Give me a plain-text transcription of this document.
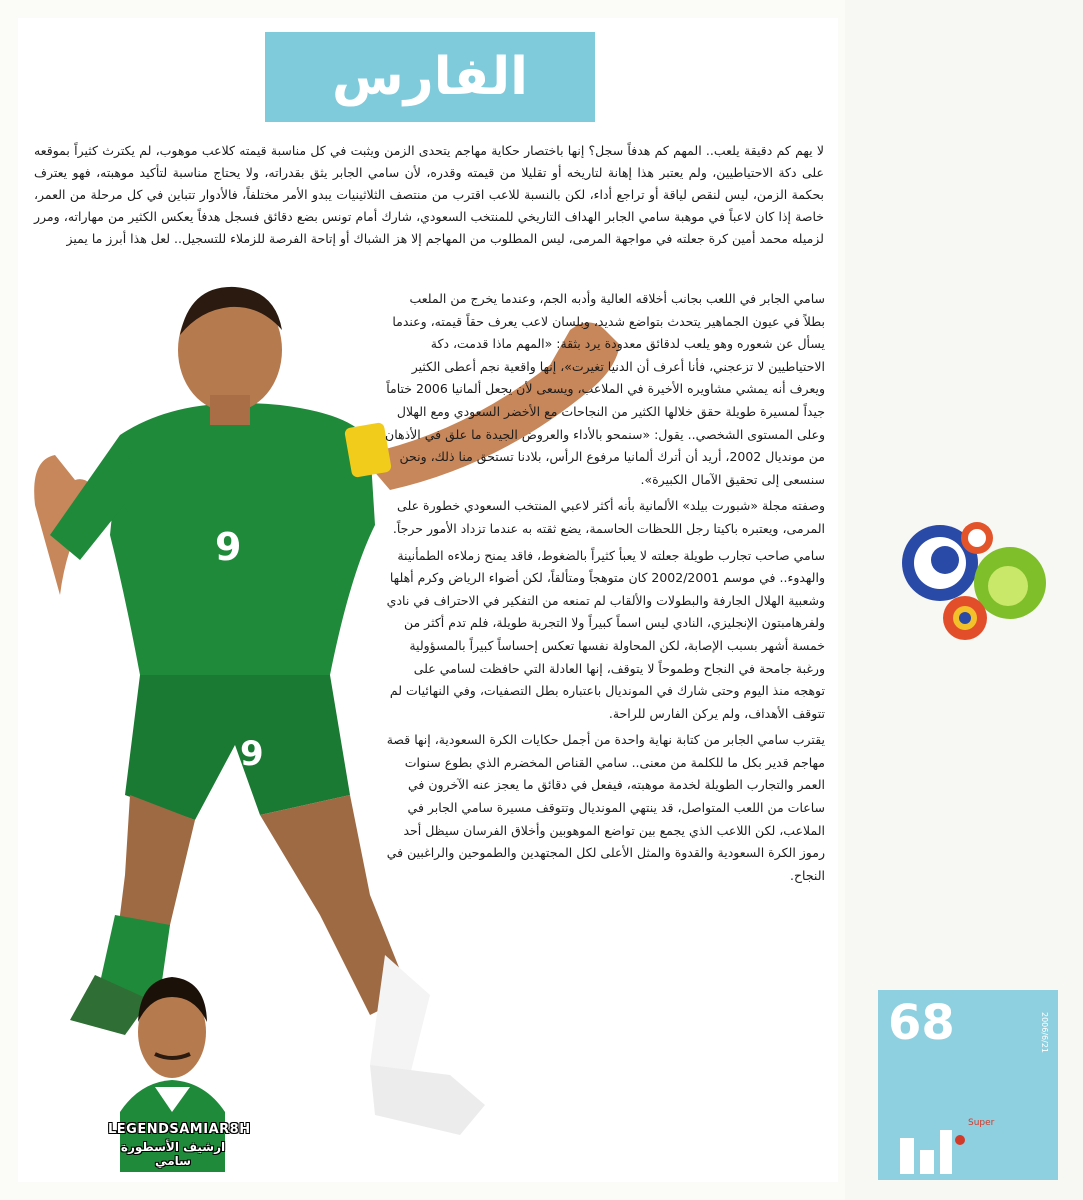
الفارس
لا يهم كم دقيقة يلعب.. المهم كم هدفاً سجل؟ إنها باختصار حكاية مهاجم يتحدى الزمن ويثبت في كل مناسبة قيمته كلاعب موهوب، لم يكترث كثيراً بموقعه على دكة الاحتياطيين، ولم يعتبر هذا إهانة لتاريخه أو تقليلا من قيمته وقدره، لأن سامي الجابر يثق بقدراته، ولا يحتاج مناسبة لتأكيد موهبته، فهو يعترف بحكمة الزمن، ليس لنقص لياقة أو تراجع أداء، لكن بالنسبة للاعب اقترب من منتصف الثلاثينيات يبدو الأمر مختلفاً، فالأدوار تتباين في كل مرحلة من العمر، خاصة إذا كان لاعباً في موهبة سامي الجابر الهداف التاريخي للمنتخب السعودي، شارك أمام تونس بضع دقائق فسجل هدفاً يعكس الكثير من مهاراته، ومرر لزميله محمد أمين كرة جعلته في مواجهة المرمى، ليس المطلوب من المهاجم إلا هز الشباك أو إتاحة الفرصة للزملاء للتسجيل.. لعل هذا أبرز ما يميز
9
9

سامي الجابر في اللعب بجانب أخلاقه العالية وأدبه الجم، وعندما يخرج من الملعب بطلاً في عيون الجماهير يتحدث بتواضع شديد، وبلسان لاعب يعرف حقاً قيمته، وعندما يسأل عن شعوره وهو يلعب لدقائق معدودة يرد بثقة: «المهم ماذا قدمت، دكة الاحتياطيين لا تزعجني، فأنا أعرف أن الدنيا تغيرت»، إنها واقعية نجم أعطى الكثير ويعرف أنه يمشي مشاويره الأخيرة في الملاعب، ويسعى لأن يجعل ألمانيا 2006 ختاماً جيداً لمسيرة طويلة حقق خلالها الكثير من النجاحات مع الأخضر السعودي ومع الهلال وعلى المستوى الشخصي.. يقول: «سنمحو بالأداء والعروض الجيدة ما علق في الأذهان من مونديال 2002، أريد أن أترك ألمانيا مرفوع الرأس، بلادنا تستحق منا ذلك، ونحن سنسعى إلى تحقيق الآمال الكبيرة».

وصفته مجلة «شبورت بيلد» الألمانية بأنه أكثر لاعبي المنتخب السعودي خطورة على المرمى، ويعتبره باكيتا رجل اللحظات الحاسمة، يضع ثقته به عندما تزداد الأمور حرجاً.

سامي صاحب تجارب طويلة جعلته لا يعبأ كثيراً بالضغوط، فاقد يمنح زملاءه الطمأنينة والهدوء.. في موسم 2002/2001 كان متوهجاً ومتألقاً، لكن أضواء الرياض وكرم أهلها وشعبية الهلال الجارفة والبطولات والألقاب لم تمنعه من التفكير في الاحتراف في نادي ولفرهامبتون الإنجليزي، النادي ليس اسماً كبيراً ولا التجربة طويلة، فلم تدم أكثر من خمسة أشهر بسبب الإصابة، لكن المحاولة نفسها تعكس إحساساً كبيراً بالمسؤولية ورغبة جامحة في النجاح وطموحاً لا يتوقف، إنها العادلة التي حافظت لسامي على توهجه منذ اليوم وحتى شارك في المونديال باعتباره بطل التصفيات، وفي النهائيات لم تتوقف الأهداف، ولم يركن الفارس للراحة.

يقترب سامي الجابر من كتابة نهاية واحدة من أجمل حكايات الكرة السعودية، إنها قصة مهاجم قدير بكل ما للكلمة من معنى.. سامي القناص المخضرم الذي بطوع سنوات العمر والتجارب الطويلة لخدمة موهبته، فيفعل في دقائق ما يعجز عنه الآخرون في ساعات من اللعب المتواصل، قد ينتهي المونديال وتتوقف مسيرة سامي الجابر في الملاعب، لكن اللاعب الذي يجمع بين تواضع الموهوبين وأخلاق الفرسان سيظل أحد رموز الكرة السعودية والقدوة والمثل الأعلى لكل المجتهدين والطموحين والراغبين في النجاح.

68	2006/6/21
Super
LEGENDSAMIAR8H
ارشيف الأسطورة سامي
